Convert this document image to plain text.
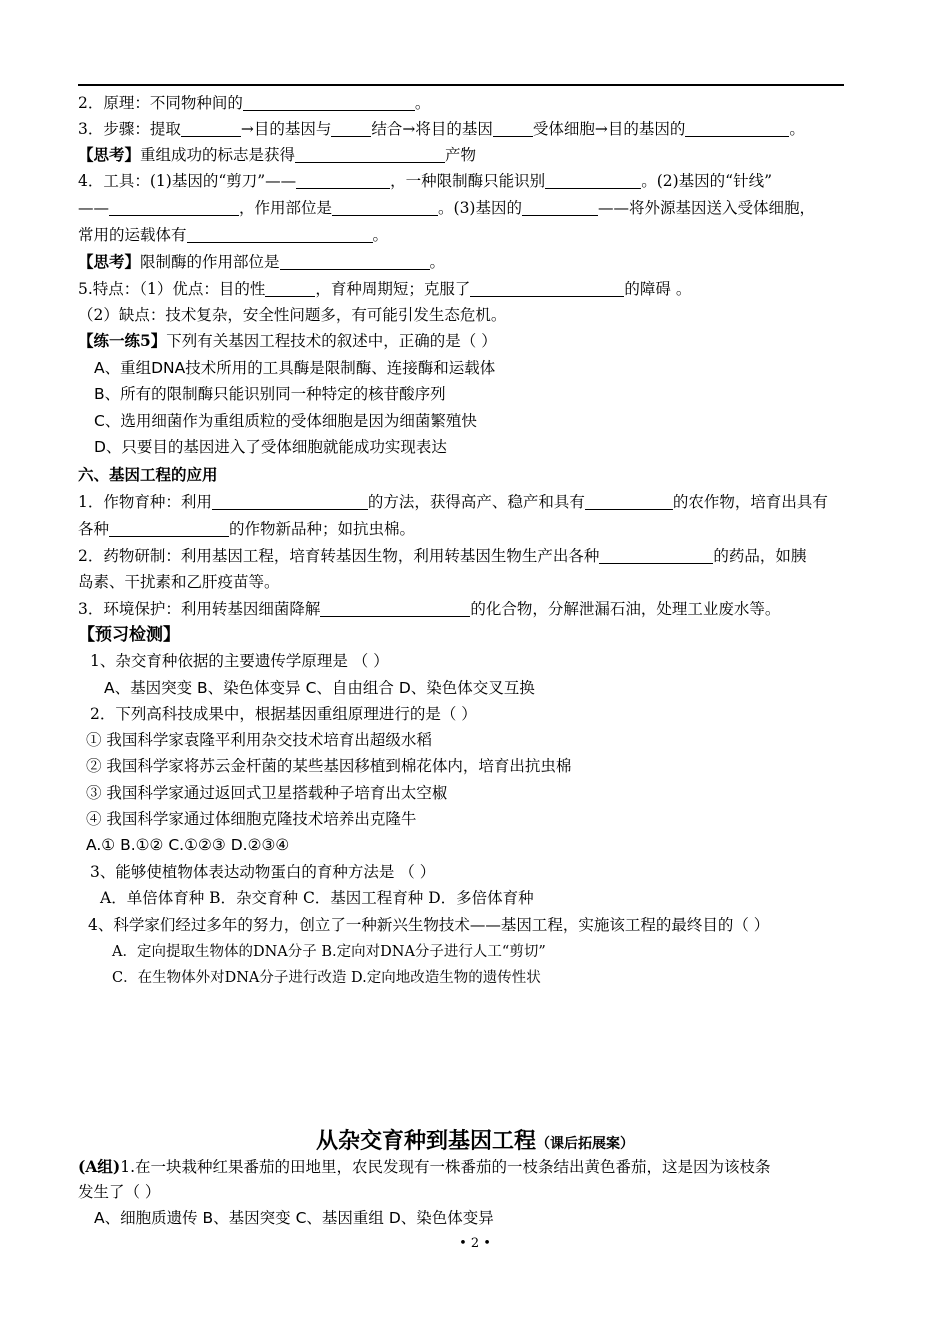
2．原理：不同物种间的	。
3．步骤：提取	→目的基因与	结合→将目的基因	受体细胞→目的基因的	。
【思考】重组成功的标志是获得	产物
4．工具：(1)基因的“剪刀”——	，一种限制酶只能识别	。(2)基因的“针线”
——	，作用部位是	。(3)基因的	——将外源基因送入受体细胞，
常用的运载体有	。
【思考】限制酶的作用部位是	。
5.特点：（1）优点：目的性	，育种周期短；克服了	的障碍 。
（2）缺点：技术复杂，安全性问题多，有可能引发生态危机。
【练一练5】下列有关基因工程技术的叙述中，正确的是（ ）
A、重组DNA技术所用的工具酶是限制酶、连接酶和运载体
B、所有的限制酶只能识别同一种特定的核苷酸序列
C、选用细菌作为重组质粒的受体细胞是因为细菌繁殖快
D、只要目的基因进入了受体细胞就能成功实现表达
六、基因工程的应用
1．作物育种：利用	的方法，获得高产、稳产和具有	的农作物，培育出具有
各种	的作物新品种；如抗虫棉。
2．药物研制：利用基因工程，培育转基因生物，利用转基因生物生产出各种	的药品，如胰
岛素、干扰素和乙肝疫苗等。
3．环境保护：利用转基因细菌降解	的化合物，分解泄漏石油，处理工业废水等。
【预习检测】
1、杂交育种依据的主要遗传学原理是 （ ）
A、基因突变 B、染色体变异 C、自由组合 D、染色体交叉互换
2．下列高科技成果中，根据基因重组原理进行的是（ ）
① 我国科学家袁隆平利用杂交技术培育出超级水稻
② 我国科学家将苏云金杆菌的某些基因移植到棉花体内，培育出抗虫棉
③ 我国科学家通过返回式卫星搭载种子培育出太空椒
④ 我国科学家通过体细胞克隆技术培养出克隆牛
A.① B.①② C.①②③ D.②③④
3、能够使植物体表达动物蛋白的育种方法是 （ ）
A．单倍体育种 B．杂交育种 C．基因工程育种 D．多倍体育种
4、科学家们经过多年的努力，创立了一种新兴生物技术——基因工程，实施该工程的最终目的（ ）
A．定向提取生物体的DNA分子 B.定向对DNA分子进行人工“剪切”
C．在生物体外对DNA分子进行改造 D.定向地改造生物的遗传性状
从杂交育种到基因工程（课后拓展案）
(A组)1.在一块栽种红果番茄的田地里，农民发现有一株番茄的一枝条结出黄色番茄，这是因为该枝条
发生了（ ）
A、细胞质遗传 B、基因突变 C、基因重组 D、染色体变异
• 2 •
